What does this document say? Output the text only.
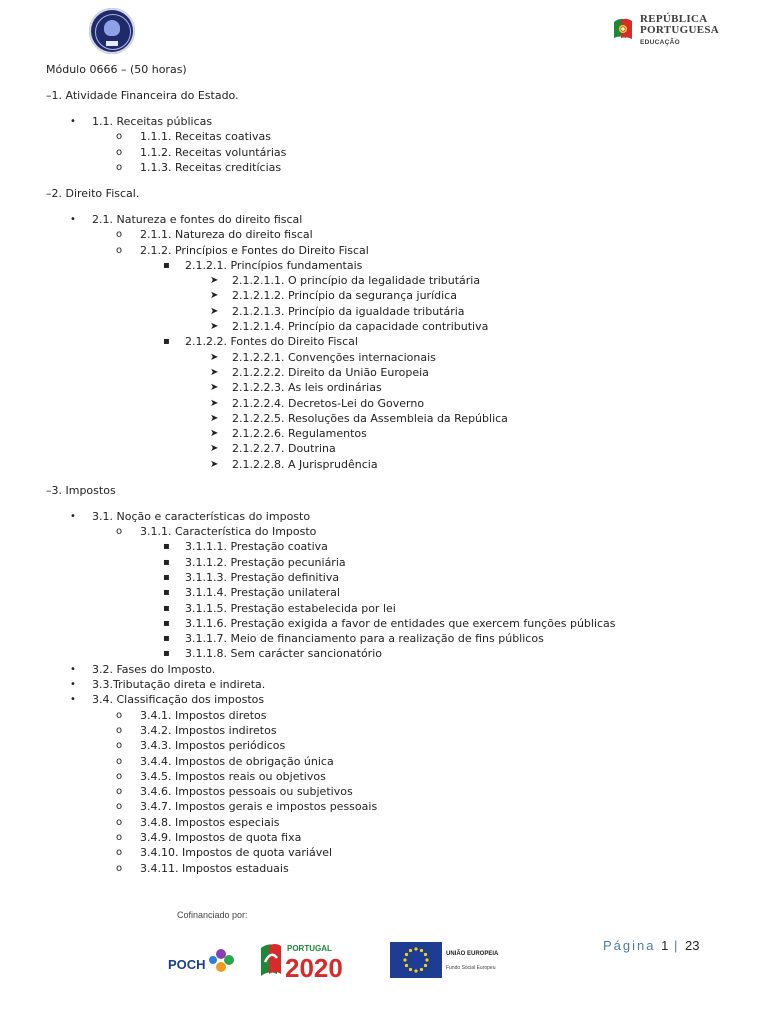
REPÚBLICA
PORTUGUESA
EDUCAÇÃO
Módulo 0666 – (50 horas)
–1. Atividade Financeira do Estado.
• 1.1. Receitas públicas
o 1.1.1. Receitas coativas
o 1.1.2. Receitas voluntárias
o 1.1.3. Receitas creditícias
–2. Direito Fiscal.
• 2.1. Natureza e fontes do direito fiscal
o 2.1.1. Natureza do direito fiscal
o 2.1.2. Princípios e Fontes do Direito Fiscal
▪ 2.1.2.1. Princípios fundamentais
➤ 2.1.2.1.1. O princípio da legalidade tributária
➤ 2.1.2.1.2. Princípio da segurança jurídica
➤ 2.1.2.1.3. Princípio da igualdade tributária
➤ 2.1.2.1.4. Princípio da capacidade contributiva
▪ 2.1.2.2. Fontes do Direito Fiscal
➤ 2.1.2.2.1. Convenções internacionais
➤ 2.1.2.2.2. Direito da União Europeia
➤ 2.1.2.2.3. As leis ordinárias
➤ 2.1.2.2.4. Decretos-Lei do Governo
➤ 2.1.2.2.5. Resoluções da Assembleia da República
➤ 2.1.2.2.6. Regulamentos
➤ 2.1.2.2.7. Doutrina
➤ 2.1.2.2.8. A Jurisprudência
–3. Impostos
• 3.1. Noção e características do imposto
o 3.1.1. Característica do Imposto
▪ 3.1.1.1. Prestação coativa
▪ 3.1.1.2. Prestação pecuniária
▪ 3.1.1.3. Prestação definitiva
▪ 3.1.1.4. Prestação unilateral
▪ 3.1.1.5. Prestação estabelecida por lei
▪ 3.1.1.6. Prestação exigida a favor de entidades que exercem funções públicas
▪ 3.1.1.7. Meio de financiamento para a realização de fins públicos
▪ 3.1.1.8. Sem carácter sancionatório
• 3.2. Fases do Imposto.
• 3.3.Tributação direta e indireta.
• 3.4. Classificação dos impostos
o 3.4.1. Impostos diretos
o 3.4.2. Impostos indiretos
o 3.4.3. Impostos periódicos
o 3.4.4. Impostos de obrigação única
o 3.4.5. Impostos reais ou objetivos
o 3.4.6. Impostos pessoais ou subjetivos
o 3.4.7. Impostos gerais e impostos pessoais
o 3.4.8. Impostos especiais
o 3.4.9. Impostos de quota fixa
o 3.4.10. Impostos de quota variável
o 3.4.11. Impostos estaduais
Cofinanciado por:
POCH
PORTUGAL
2020	UNIÃO EUROPEIA
Fundo Social Europeu
Página 1 | 23
